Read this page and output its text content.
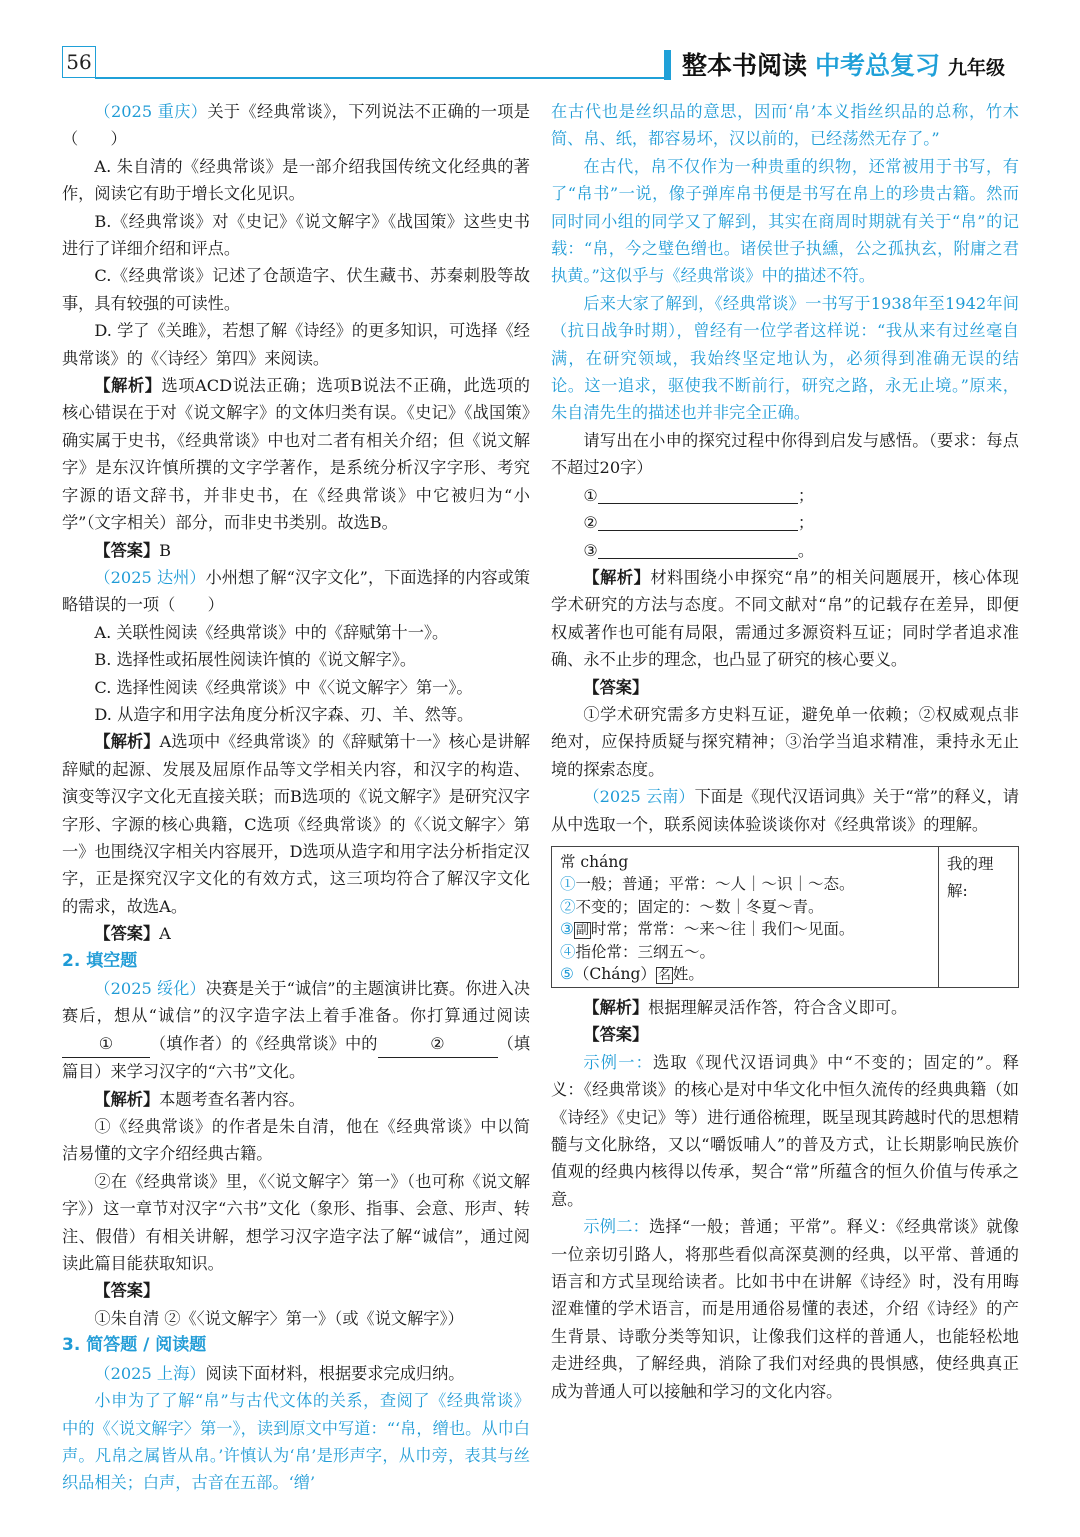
56	整本书阅读 中考总复习 九年级

（2025 重庆）关于《经典常谈》，下列说法不正确的一项是（　　）

A. 朱自清的《经典常谈》是一部介绍我国传统文化经典的著作，阅读它有助于增长文化见识。

B.《经典常谈》对《史记》《说文解字》《战国策》这些史书进行了详细介绍和评点。

C.《经典常谈》记述了仓颉造字、伏生藏书、苏秦刺股等故事，具有较强的可读性。

D. 学了《关雎》，若想了解《诗经》的更多知识，可选择《经典常谈》的《〈诗经〉第四》来阅读。

【解析】选项ACD说法正确；选项B说法不正确，此选项的核心错误在于对《说文解字》的文体归类有误。《史记》《战国策》确实属于史书，《经典常谈》中也对二者有相关介绍；但《说文解字》是东汉许慎所撰的文字学著作，是系统分析汉字字形、考究字源的语文辞书，并非史书，在《经典常谈》中它被归为“小学”（文字相关）部分，而非史书类别。故选B。

【答案】B

（2025 达州）小州想了解“汉字文化”，下面选择的内容或策略错误的一项（　　）

A. 关联性阅读《经典常谈》中的《辞赋第十一》。

B. 选择性或拓展性阅读许慎的《说文解字》。

C. 选择性阅读《经典常谈》中《〈说文解字〉第一》。

D. 从造字和用字法角度分析汉字森、刃、羊、然等。

【解析】A选项中《经典常谈》的《辞赋第十一》核心是讲解辞赋的起源、发展及屈原作品等文学相关内容，和汉字的构造、演变等汉字文化无直接关联；而B选项的《说文解字》是研究汉字字形、字源的核心典籍，C选项《经典常谈》的《〈说文解字〉第一》也围绕汉字相关内容展开，D选项从造字和用字法分析指定汉字，正是探究汉字文化的有效方式，这三项均符合了解汉字文化的需求，故选A。

【答案】A

2. 填空题

（2025 绥化）决赛是关于“诚信”的主题演讲比赛。你进入决赛后，想从“诚信”的汉字造字法上着手准备。你打算通过阅读① （填作者）的《经典常谈》中的	②	（填篇目）来学习汉字的“六书”文化。

【解析】本题考查名著内容。

①《经典常谈》的作者是朱自清，他在《经典常谈》中以简洁易懂的文字介绍经典古籍。

②在《经典常谈》里，《〈说文解字〉第一》（也可称《说文解字》）这一章节对汉字“六书”文化（象形、指事、会意、形声、转注、假借）有相关讲解，想学习汉字造字法了解“诚信”，通过阅读此篇目能获取知识。

【答案】

①朱自清 ②《〈说文解字〉第一》（或《说文解字》）

3. 简答题 / 阅读题

（2025 上海）阅读下面材料，根据要求完成归纳。

小申为了了解“帛”与古代文体的关系，查阅了《经典常谈》中的《〈说文解字〉第一》，读到原文中写道：“‘帛，缯也。从巾白声。凡帛之属皆从帛。’许慎认为‘帛’是形声字，从巾旁，表其与丝织品相关；白声，古音在五部。‘缯’

在古代也是丝织品的意思，因而‘帛’本义指丝织品的总称，竹木简、帛、纸，都容易坏，汉以前的，已经荡然无存了。”

在古代，帛不仅作为一种贵重的织物，还常被用于书写，有了“帛书”一说，像子弹库帛书便是书写在帛上的珍贵古籍。然而同时同小组的同学又了解到，其实在商周时期就有关于“帛”的记载：“帛，今之璧色缯也。诸侯世子执纁，公之孤执玄，附庸之君执黄。”这似乎与《经典常谈》中的描述不符。

后来大家了解到，《经典常谈》一书写于1938年至1942年间（抗日战争时期），曾经有一位学者这样说：“我从来有过丝毫自满，在研究领域，我始终坚定地认为，必须得到准确无误的结论。这一追求，驱使我不断前行，研究之路，永无止境。”原来，朱自清先生的描述也并非完全正确。

请写出在小申的探究过程中你得到启发与感悟。（要求：每点不超过20字）

①	；

②	；

③	。

【解析】材料围绕小申探究“帛”的相关问题展开，核心体现学术研究的方法与态度。不同文献对“帛”的记载存在差异，即便权威著作也可能有局限，需通过多源资料互证；同时学者追求准确、永不止步的理念，也凸显了研究的核心要义。

【答案】

①学术研究需多方史料互证，避免单一依赖；②权威观点非绝对，应保持质疑与探究精神；③治学当追求精准，秉持永无止境的探索态度。

（2025 云南）下面是《现代汉语词典》关于“常”的释义，请从中选取一个，联系阅读体验谈谈你对《经典常谈》的理解。

常 cháng
①一般；普通；平常：～人｜～识｜～态。
②不变的；固定的：～数｜冬夏～青。
③ 副 时常；常常：～来～往｜我们～见面。
④指伦常：三纲五～。
⑤（Cháng） 名 姓。
我的理解:

【解析】根据理解灵活作答，符合含义即可。

【答案】

示例一：选取《现代汉语词典》中“不变的；固定的”。释义：《经典常谈》的核心是对中华文化中恒久流传的经典典籍（如《诗经》《史记》等）进行通俗梳理，既呈现其跨越时代的思想精髓与文化脉络，又以“嚼饭哺人”的普及方式，让长期影响民族价值观的经典内核得以传承，契合“常”所蕴含的恒久价值与传承之意。

示例二：选择“一般；普通；平常”。释义：《经典常谈》就像一位亲切引路人，将那些看似高深莫测的经典，以平常、普通的语言和方式呈现给读者。比如书中在讲解《诗经》时，没有用晦涩难懂的学术语言，而是用通俗易懂的表述，介绍《诗经》的产生背景、诗歌分类等知识，让像我们这样的普通人，也能轻松地走进经典，了解经典，消除了我们对经典的畏惧感，使经典真正成为普通人可以接触和学习的文化内容。
